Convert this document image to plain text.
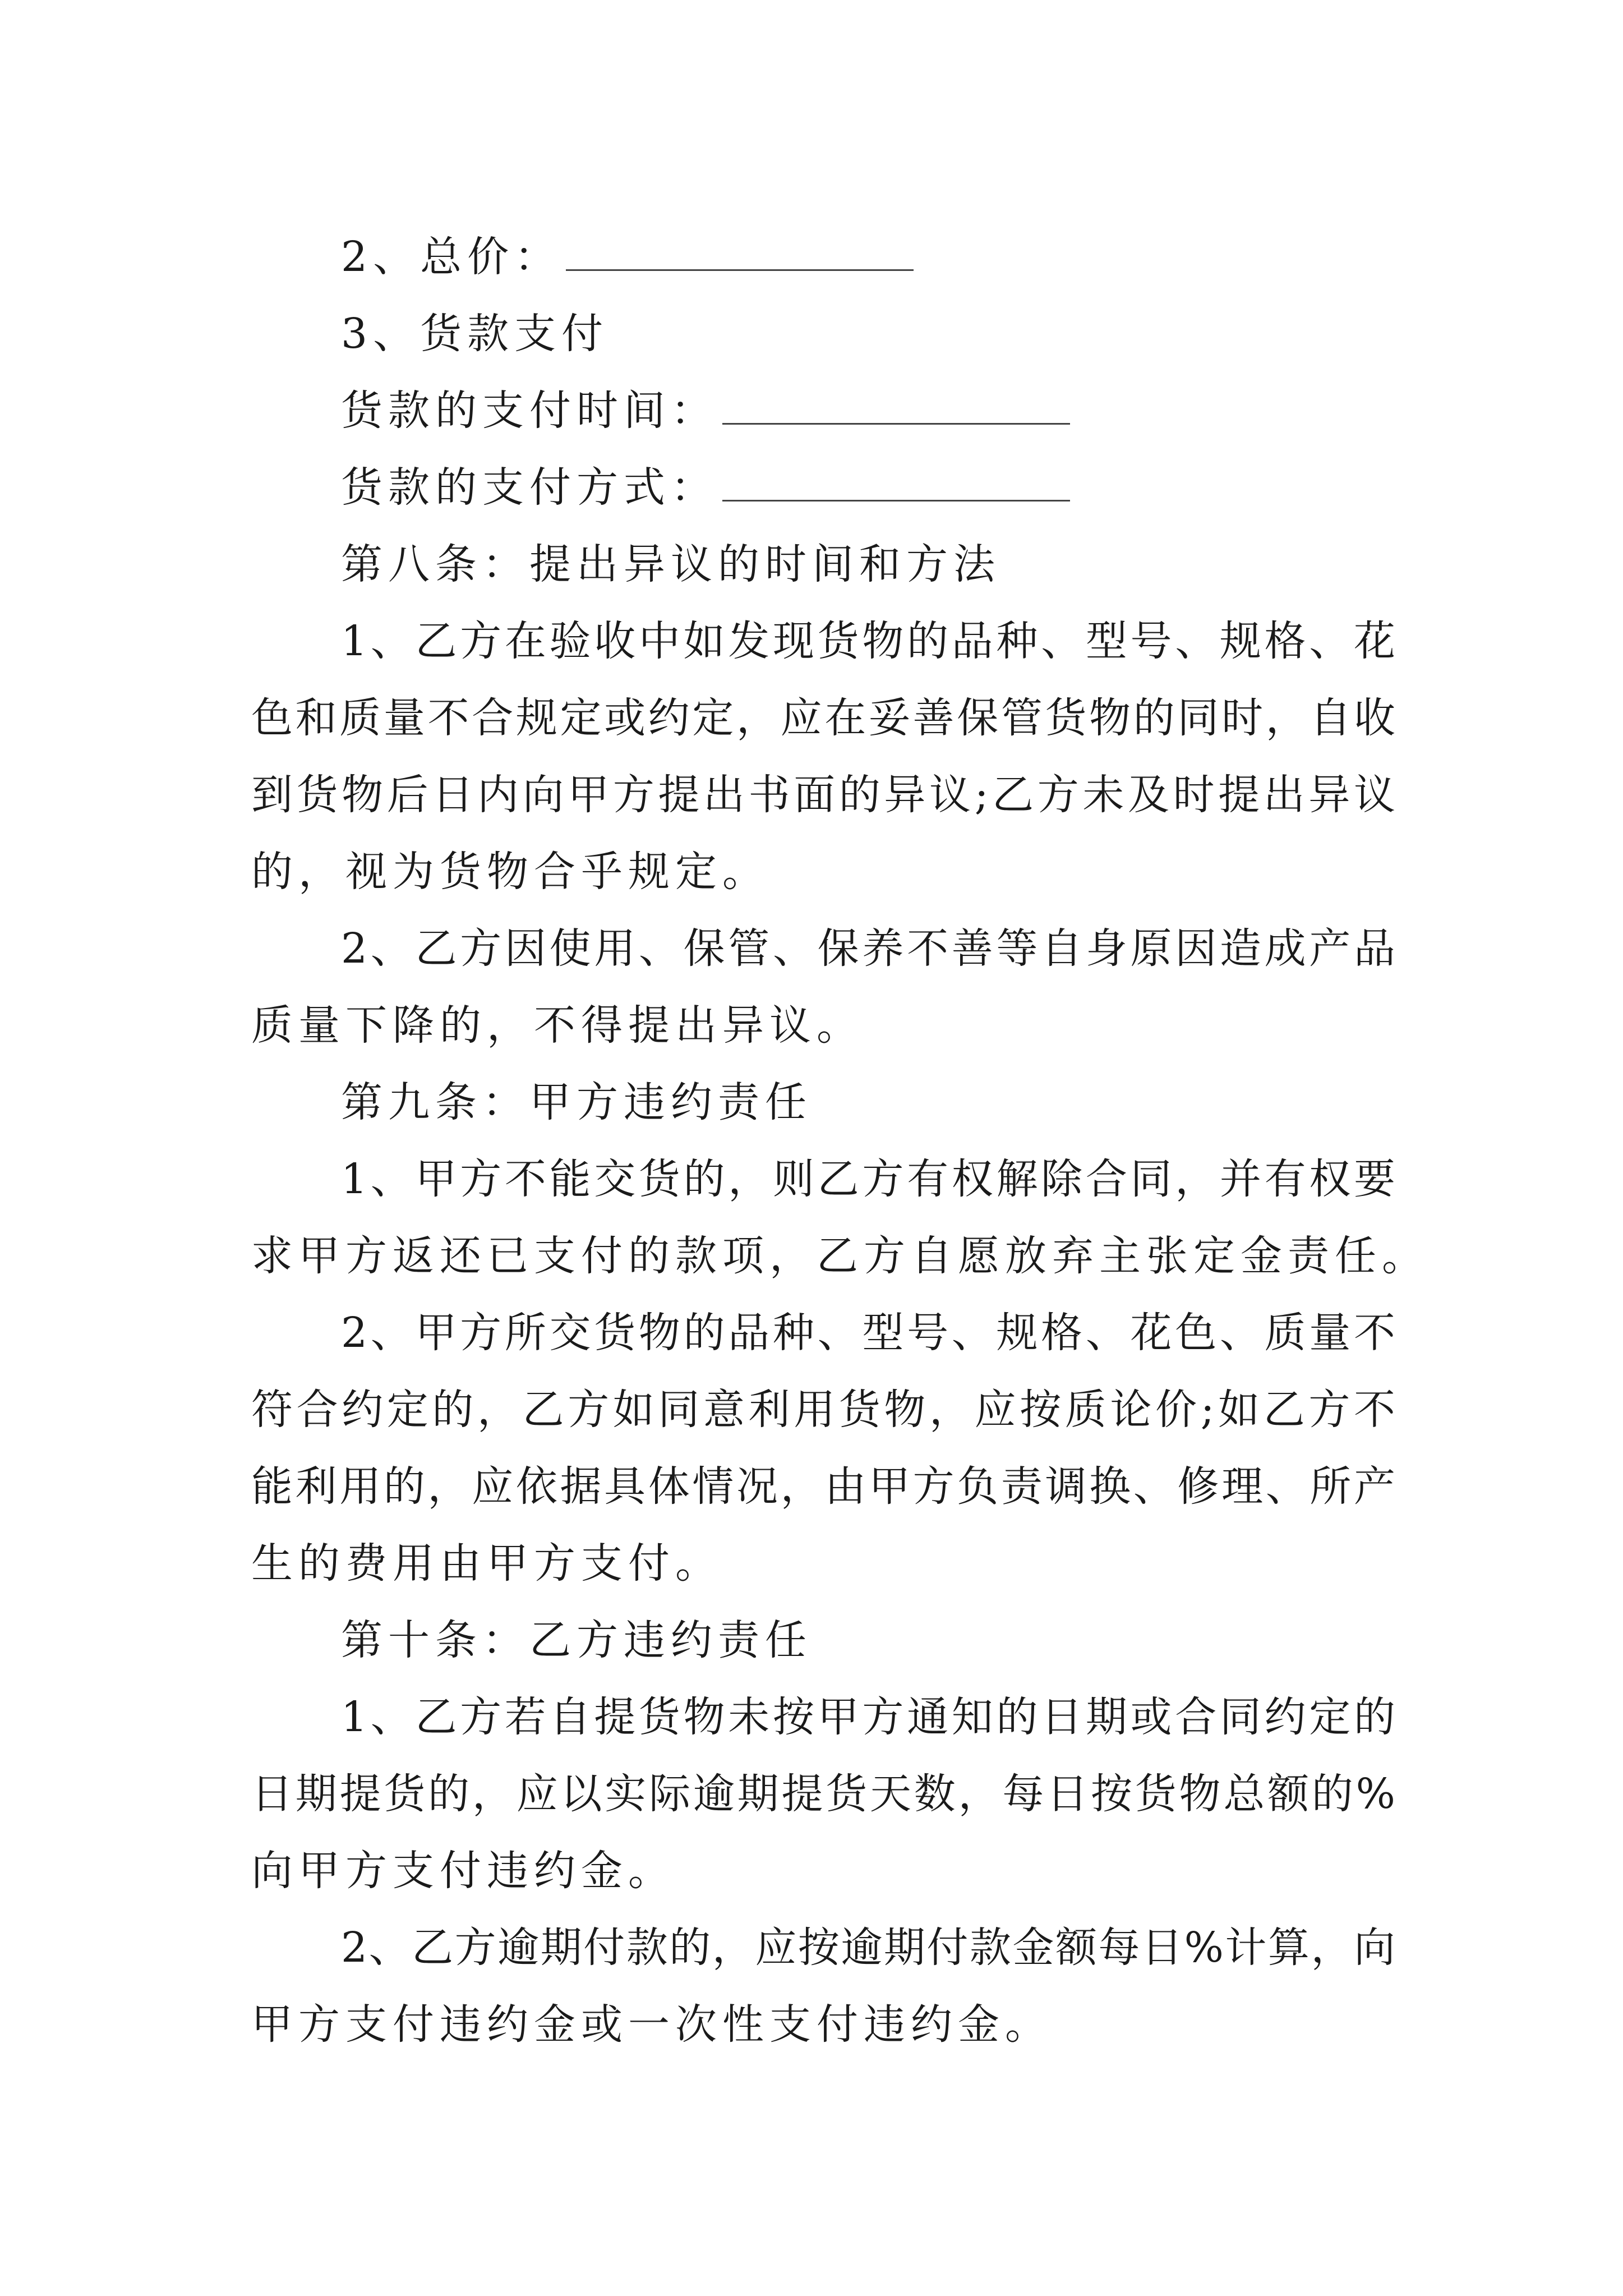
2、总价：
3、货款支付
货款的支付时间：
货款的支付方式：
第八条：提出异议的时间和方法
1、乙方在验收中如发现货物的品种、型号、规格、花
色和质量不合规定或约定，应在妥善保管货物的同时，自收
到货物后日内向甲方提出书面的异议;乙方未及时提出异议
的，视为货物合乎规定。
2、乙方因使用、保管、保养不善等自身原因造成产品
质量下降的，不得提出异议。
第九条：甲方违约责任
1、甲方不能交货的，则乙方有权解除合同，并有权要
求甲方返还已支付的款项，乙方自愿放弃主张定金责任。
2、甲方所交货物的品种、型号、规格、花色、质量不
符合约定的，乙方如同意利用货物，应按质论价;如乙方不
能利用的，应依据具体情况，由甲方负责调换、修理、所产
生的费用由甲方支付。
第十条：乙方违约责任
1、乙方若自提货物未按甲方通知的日期或合同约定的
日期提货的，应以实际逾期提货天数，每日按货物总额的%
向甲方支付违约金。
2、乙方逾期付款的，应按逾期付款金额每日%计算，向
甲方支付违约金或一次性支付违约金。
